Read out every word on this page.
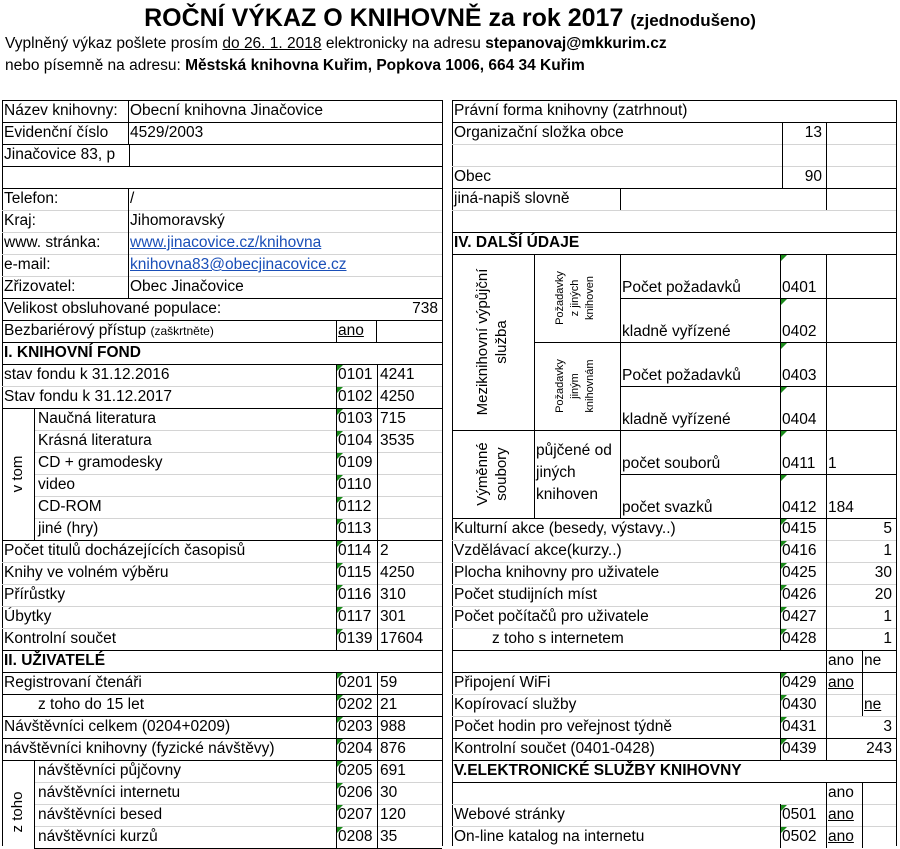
ROČNÍ VÝKAZ O KNIHOVNĚ za rok 2017 (zjednodušeno)
Vyplněný výkaz pošlete prosím do 26. 1. 2018 elektronicky na adresu stepanovaj@mkkurim.cz
nebo písemně na adresu: Městská knihovna Kuřim, Popkova 1006, 664 34 Kuřim
Název knihovny: Obecní knihovna Jinačovice
Evidenční číslo	4529/2003
Jinačovice 83, p
Telefon:	/
Kraj:	Jihomoravský
www. stránka:	www.jinacovice.cz/knihovna
e-mail:	knihovna83@obecjinacovice.cz
Zřizovatel:	Obec Jinačovice
Velikost obsluhované populace:	738
Bezbariérový přístup (zaškrtněte)	ano
I. KNIHOVNÍ FOND
stav fondu k 31.12.2016	0101 4241
Stav fondu k 31.12.2017	0102 4250
Naučná literatura	0103 715
Krásná literatura	0104 3535
CD + gramodesky	0109
video	0110
CD-ROM	0112
jiné (hry)	0113
v tom
Počet titulů docházejících časopisů	0114 2
Knihy ve volném výběru	0115 4250
Přírůstky	0116 310
Úbytky	0117 301
Kontrolní součet	0139 17604
II. UŽIVATELÉ
Registrovaní čtenáři	0201 59
z toho do 15 let	0202 21
Návštěvníci celkem (0204+0209)	0203 988
návštěvníci knihovny (fyzické návštěvy)	0204 876
návštěvníci půjčovny	0205 691
návštěvníci internetu	0206 30
návštěvníci besed	0207 120
návštěvníci kurzů	0208 35
z toho
Právní forma knihovny (zatrhnout)
Organizační složka obce	13
Obec	90
jiná-napiš slovně
IV. DALŠÍ ÚDAJE
Počet požadavků	0401
kladně vyřízené	0402
Počet požadavků	0403
kladně vyřízené	0404
Meziknihovní výpůjční služba
Požadavky z jiných knihoven
Požadavky jiným knihovnám
počet souborů	0411 1
počet svazků	0412 184
půjčené od
jiných
knihoven
Výměnné soubory
Kulturní akce (besedy, výstavy..)	0415	5
Vzdělávací akce(kurzy..)	0416	1
Plocha knihovny pro uživatele	0425	30
Počet studijních míst	0426	20
Počet počítačů pro uživatele	0427	1
z toho s internetem	0428	1
ano ne
Připojení WiFi	0429 ano
Kopírovací služby	0430	ne
Počet hodin pro veřejnost týdně	0431	3
Kontrolní součet (0401-0428)	0439	243
V.ELEKTRONICKÉ SLUŽBY KNIHOVNY
ano
Webové stránky	0501 ano
On-line katalog na internetu	0502 ano
